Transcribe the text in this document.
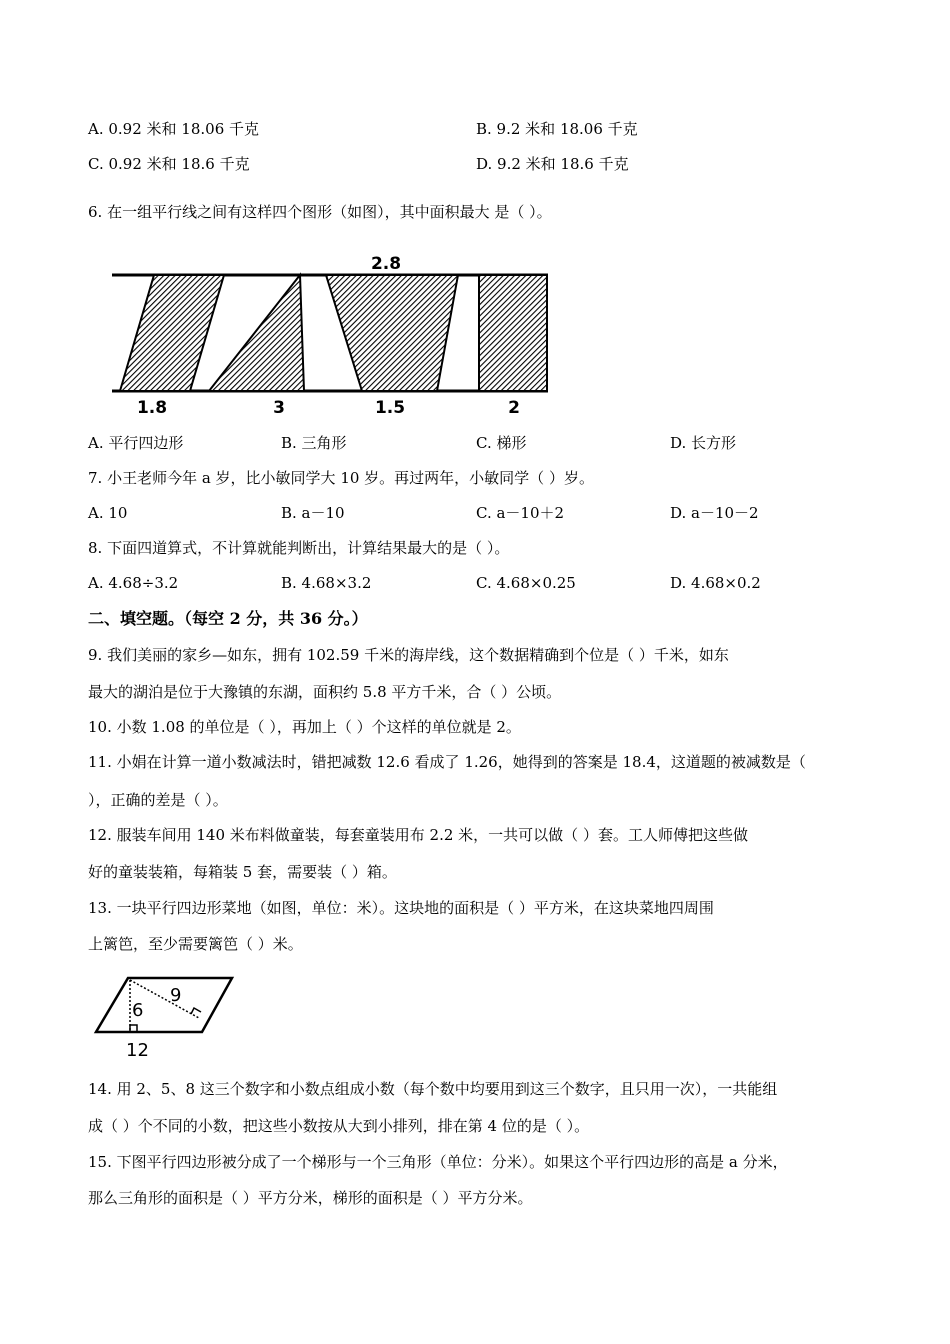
A. 0.92 米和 18.06 千克	B. 9.2 米和 18.06 千克
C. 0.92 米和 18.6 千克	D. 9.2 米和 18.6 千克
6. 在一组平行线之间有这样四个图形（如图），其中面积最大 是（ ）。
2.8
1.8	3	1.5	2
A. 平行四边形	B. 三角形	C. 梯形	D. 长方形
7. 小王老师今年 a 岁，比小敏同学大 10 岁。再过两年，小敏同学（ ）岁。
A. 10	B. a－10	C. a－10＋2	D. a－10－2
8. 下面四道算式，不计算就能判断出，计算结果最大的是（ ）。
A. 4.68÷3.2	B. 4.68×3.2	C. 4.68×0.25	D. 4.68×0.2
二、填空题。（每空 2 分，共 36 分。）
9. 我们美丽的家乡—如东，拥有 102.59 千米的海岸线，这个数据精确到个位是（ ）千米，如东
最大的湖泊是位于大豫镇的东湖，面积约 5.8 平方千米，合（ ）公顷。
10. 小数 1.08 的单位是（ ），再加上（ ）个这样的单位就是 2。
11. 小娟在计算一道小数减法时，错把减数 12.6 看成了 1.26，她得到的答案是 18.4，这道题的被减数是（
），正确的差是（ ）。
12. 服装车间用 140 米布料做童装，每套童装用布 2.2 米，一共可以做（ ）套。工人师傅把这些做
好的童装装箱，每箱装 5 套，需要装（ ）箱。
13. 一块平行四边形菜地（如图，单位：米）。这块地的面积是（ ）平方米，在这块菜地四周围
上篱笆，至少需要篱笆（ ）米。
9
6
12
14. 用 2、5、8 这三个数字和小数点组成小数（每个数中均要用到这三个数字，且只用一次），一共能组
成（ ）个不同的小数，把这些小数按从大到小排列，排在第 4 位的是（ ）。
15. 下图平行四边形被分成了一个梯形与一个三角形（单位：分米）。如果这个平行四边形的高是 a 分米，
那么三角形的面积是（ ）平方分米，梯形的面积是（ ）平方分米。
